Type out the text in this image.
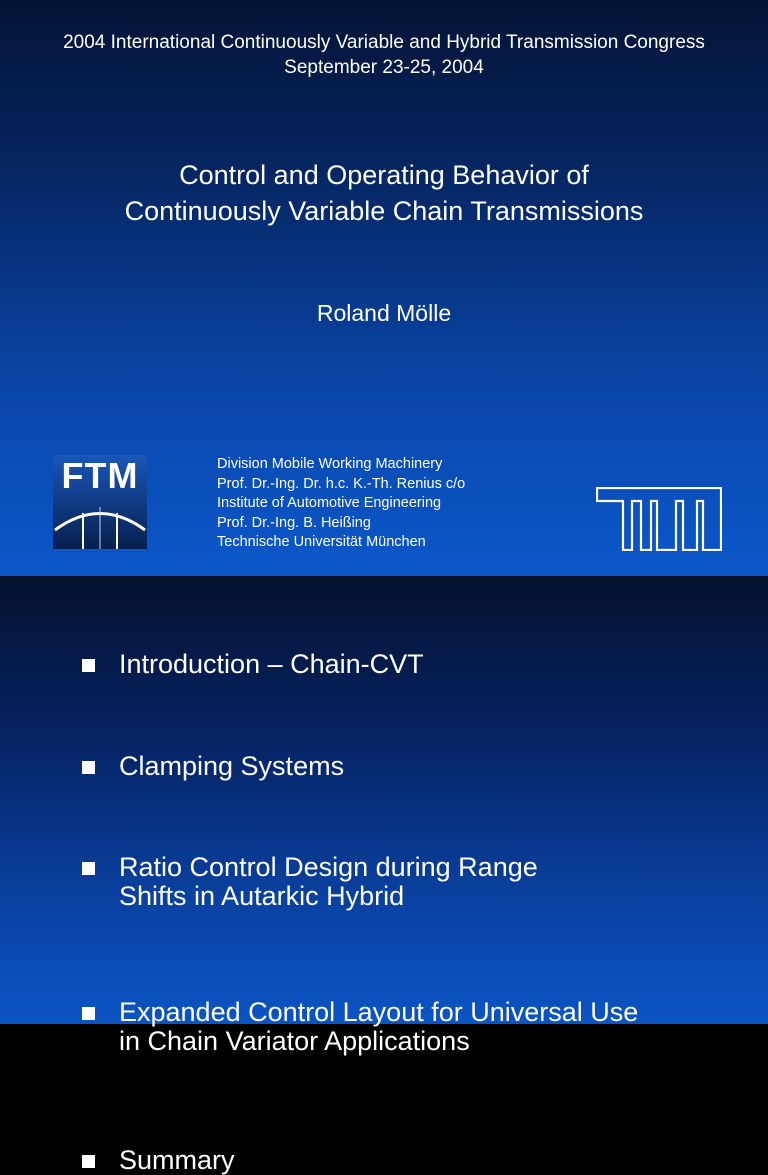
2004 International Continuously Variable and Hybrid Transmission Congress
September 23-25, 2004
Control and Operating Behavior of
Continuously Variable Chain Transmissions
Roland Mölle
FTM	Division Mobile Working Machinery
Prof. Dr.-Ing. Dr. h.c. K.-Th. Renius c/o
Institute of Automotive Engineering
Prof. Dr.-Ing. B. Heißing
Technische Universität München
Introduction – Chain-CVT
Clamping Systems
Ratio Control Design during Range
Shifts in Autarkic Hybrid
Expanded Control Layout for Universal Use
in Chain Variator Applications
Summary
